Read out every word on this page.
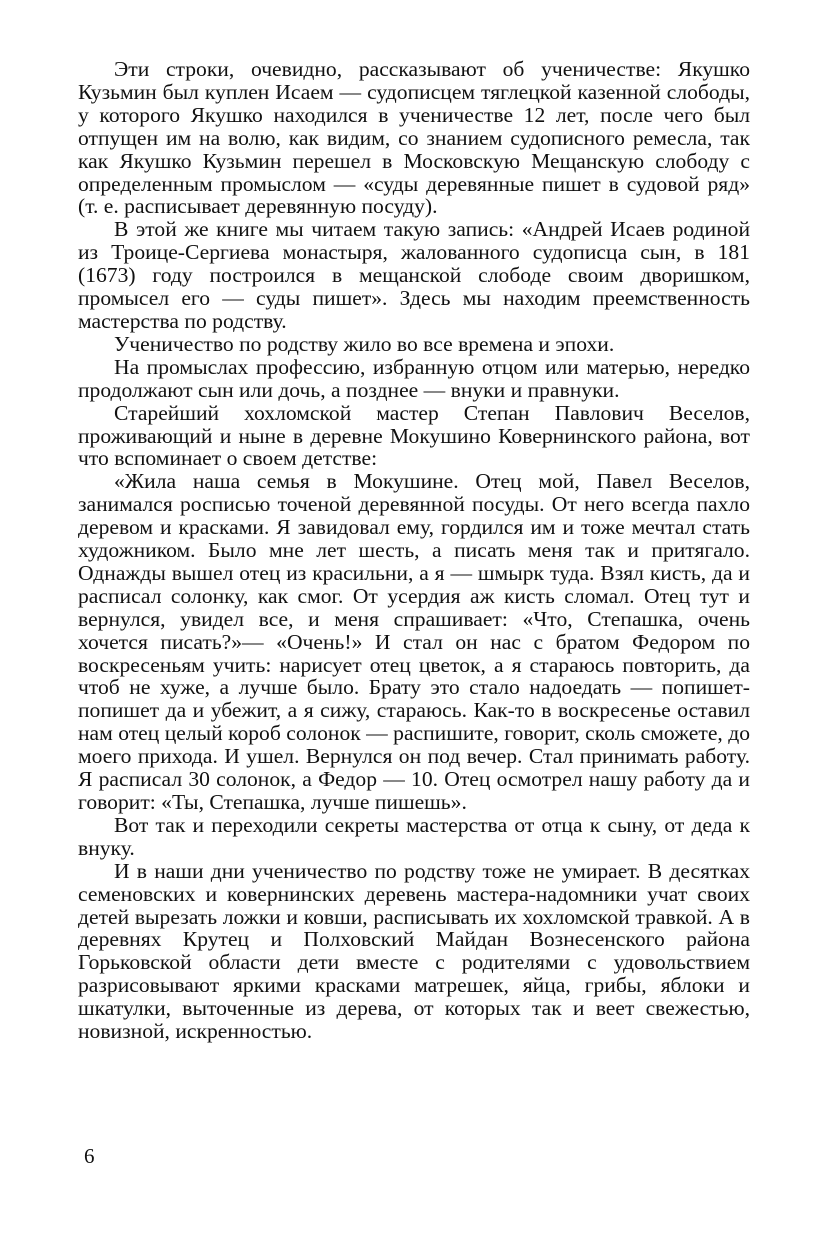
Эти строки, очевидно, рассказывают об ученичестве: Якушко Кузьмин был куплен Исаем — судописцем тяглецкой казенной слободы, у которого Якушко находился в ученичестве 12 лет, после чего был отпущен им на волю, как видим, со знанием судописного ремесла, так как Якушко Кузьмин перешел в Московскую Мещанскую слободу с определенным промыслом — «суды деревянные пишет в судовой ряд» (т. е. расписывает деревянную посуду).

В этой же книге мы читаем такую запись: «Андрей Исаев родиной из Троице-Сергиева монастыря, жалованного судописца сын, в 181 (1673) году построился в мещанской слободе своим дворишком, промысел его — суды пишет». Здесь мы находим преемственность мастерства по родству.

Ученичество по родству жило во все времена и эпохи.

На промыслах профессию, избранную отцом или матерью, нередко продолжают сын или дочь, а позднее — внуки и правнуки.

Старейший хохломской мастер Степан Павлович Веселов, проживающий и ныне в деревне Мокушино Ковернинского района, вот что вспоминает о своем детстве:

«Жила наша семья в Мокушине. Отец мой, Павел Веселов, занимался росписью точеной деревянной посуды. От него всегда пахло деревом и красками. Я завидовал ему, гордился им и тоже мечтал стать художником. Было мне лет шесть, а писать меня так и притягало. Однажды вышел отец из красильни, а я — шмырк туда. Взял кисть, да и расписал солонку, как смог. От усердия аж кисть сломал. Отец тут и вернулся, увидел все, и меня спрашивает: «Что, Степашка, очень хочется писать?»— «Очень!» И стал он нас с братом Федором по воскресеньям учить: нарисует отец цветок, а я стараюсь повторить, да чтоб не хуже, а лучше было. Брату это стало надоедать — попишет-попишет да и убежит, а я сижу, стараюсь. Как-то в воскресенье оставил нам отец целый короб солонок — распишите, говорит, сколь сможете, до моего прихода. И ушел. Вернулся он под вечер. Стал принимать работу. Я расписал 30 солонок, а Федор — 10. Отец осмотрел нашу работу да и говорит: «Ты, Степашка, лучше пишешь».

Вот так и переходили секреты мастерства от отца к сыну, от деда к внуку.

И в наши дни ученичество по родству тоже не умирает. В десятках семеновских и ковернинских деревень мастера-надомники учат своих детей вырезать ложки и ковши, расписывать их хохломской травкой. А в деревнях Крутец и Полховский Майдан Вознесенского района Горьковской области дети вместе с родителями с удовольствием разрисовывают яркими красками матрешек, яйца, грибы, яблоки и шкатулки, выточенные из дерева, от которых так и веет свежестью, новизной, искренностью.

6
